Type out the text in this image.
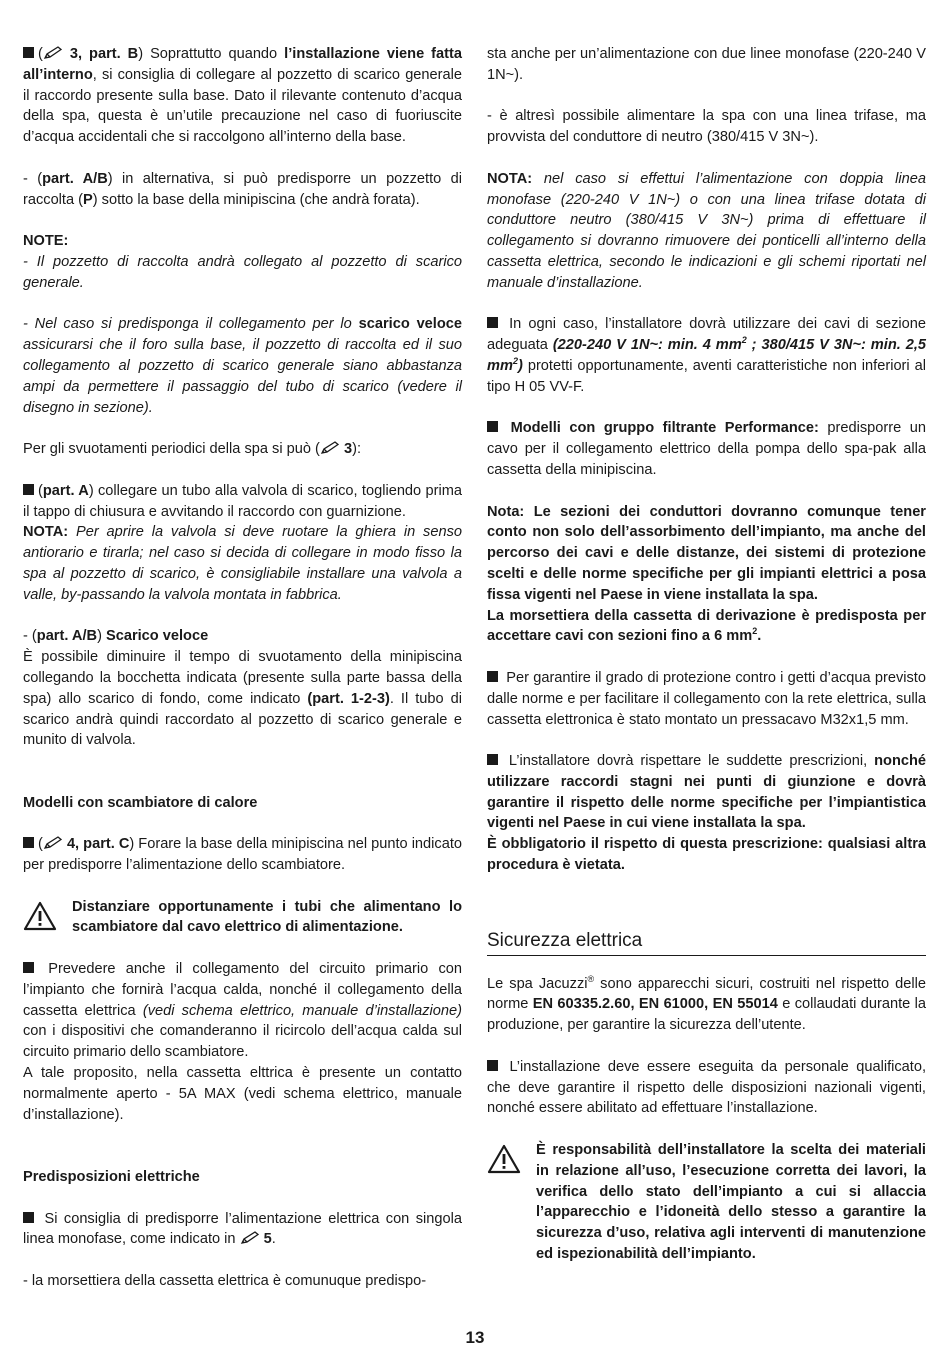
( 3, part. B) Soprattutto quando l’installazione viene fatta all’interno, si consiglia di collegare al pozzetto di scarico generale il raccordo presente sulla base. Dato il rilevante contenuto d’acqua della spa, questa è un’utile precauzione nel caso di fuoriuscite d’acqua accidentali che si raccolgono all’interno della base.

- (part. A/B) in alternativa, si può predisporre un pozzetto di raccolta (P) sotto la base della minipiscina (che andrà forata).

NOTE:

- Il pozzetto di raccolta andrà collegato al pozzetto di scarico generale.

- Nel caso si predisponga il collegamento per lo scarico veloce assicurarsi che il foro sulla base, il pozzetto di raccolta ed il suo collegamento al pozzetto di scarico generale siano abbastanza ampi da permettere il passaggio del tubo di scarico (vedere il disegno in sezione).

Per gli svuotamenti periodici della spa si può ( 3):

(part. A) collegare un tubo alla valvola di scarico, togliendo prima il tappo di chiusura e avvitando il raccordo con guarnizione.

NOTA: Per aprire la valvola si deve ruotare la ghiera in senso antiorario e tirarla; nel caso si decida di collegare in modo fisso la spa al pozzetto di scarico, è consigliabile installare una valvola a valle, by-passando la valvola montata in fabbrica.

- (part. A/B) Scarico veloce

È possibile diminuire il tempo di svuotamento della minipiscina collegando la bocchetta indicata (presente sulla parte bassa della spa) allo scarico di fondo, come indicato (part. 1-2-3). Il tubo di scarico andrà quindi raccordato al pozzetto di scarico generale e munito di valvola.

Modelli con scambiatore di calore

( 4, part. C) Forare la base della minipiscina nel punto indicato per predisporre l’alimentazione dello scambiatore.

Distanziare opportunamente i tubi che alimentano lo scambiatore dal cavo elettrico di alimentazione.

Prevedere anche il collegamento del circuito primario con l’impianto che fornirà l’acqua calda, nonché il collegamento della cassetta elettrica (vedi schema elettrico, manuale d’installazione) con i dispositivi che comanderanno il ricircolo dell’acqua calda sul circuito primario dello scambiatore.

A tale proposito, nella cassetta elttrica è presente un contatto normalmente aperto - 5A MAX (vedi schema elettrico, manuale d’installazione).

Predisposizioni elettriche

Si consiglia di predisporre l’alimentazione elettrica con singola linea monofase, come indicato in
5.

- la morsettiera della cassetta elettrica è comunuque predispo-

sta anche per un’alimentazione con due linee monofase (220-240 V 1N~).

- è altresì possibile alimentare la spa con una linea trifase, ma provvista del conduttore di neutro (380/415 V 3N~).

NOTA: nel caso si effettui l’alimentazione con doppia linea monofase (220-240 V 1N~) o con una linea trifase dotata di conduttore neutro (380/415 V 3N~) prima di effettuare il collegamento si dovranno rimuovere dei ponticelli all’interno della cassetta elettrica, secondo le indicazioni e gli schemi riportati nel manuale d’installazione.

In ogni caso, l’installatore dovrà utilizzare dei cavi di sezione adeguata (220-240 V 1N~: min. 4 $mm^2$ ; 380/415 V 3N~: min. 2,5 $mm^2$) protetti opportunamente, aventi caratteristiche non inferiori al tipo H 05 VV-F.

Modelli con gruppo filtrante Performance: predisporre un cavo per il collegamento elettrico della pompa dello spa-pak alla cassetta della minipiscina.

Nota: Le sezioni dei conduttori dovranno comunque tener conto non solo dell’assorbimento dell’impianto, ma anche del percorso dei cavi e delle distanze, dei sistemi di protezione scelti e delle norme specifiche per gli impianti elettrici a posa fissa vigenti nel Paese in viene installata la spa.

La morsettiera della cassetta di derivazione è predisposta per accettare cavi con sezioni fino a 6 $mm^2$.

Per garantire il grado di protezione contro i getti d’acqua previsto dalle norme e per facilitare il collegamento con la rete elettrica, sulla cassetta elettronica è stato montato un pressacavo M32x1,5 mm.

L’installatore dovrà rispettare le suddette prescrizioni, nonché utilizzare raccordi stagni nei punti di giunzione e dovrà garantire il rispetto delle norme specifiche per l’impiantistica vigenti nel Paese in cui viene installata la spa.

È obbligatorio il rispetto di questa prescrizione: qualsiasi altra procedura è vietata.

Sicurezza elettrica

Le spa Jacuzzi® sono apparecchi sicuri, costruiti nel rispetto delle norme EN 60335.2.60, EN 61000, EN 55014 e collaudati durante la produzione, per garantire la sicurezza dell’utente.

L’installazione deve essere eseguita da personale qualificato, che deve garantire il rispetto delle disposizioni nazionali vigenti, nonché essere abilitato ad effettuare l’installazione.

È responsabilità dell’installatore la scelta dei materiali in relazione all’uso, l’esecuzione corretta dei lavori, la verifica dello stato dell’impianto a cui si allaccia l’apparecchio e l’idoneità dello stesso a garantire la sicurezza d’uso, relativa agli interventi di manutenzione ed ispezionabilità dell’impianto.
13
